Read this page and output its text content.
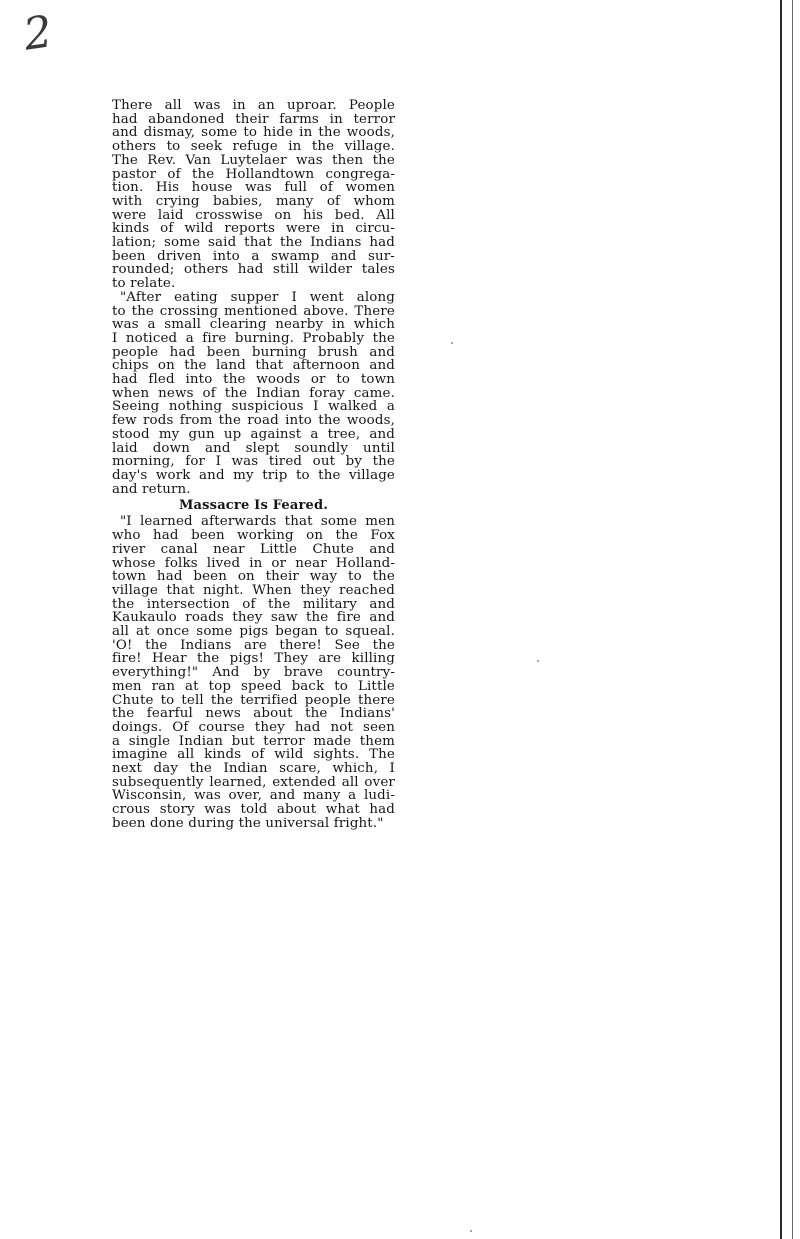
2
There all was in an uproar. People
had abandoned their farms in terror
and dismay, some to hide in the woods,
others to seek refuge in the village.
The Rev. Van Luytelaer was then the
pastor of the Hollandtown congrega-
tion. His house was full of women
with crying babies, many of whom
were laid crosswise on his bed. All
kinds of wild reports were in circu-
lation; some said that the Indians had
been driven into a swamp and sur-
rounded; others had still wilder tales
to relate.
"After eating supper I went along
to the crossing mentioned above. There
was a small clearing nearby in which
I noticed a fire burning. Probably the
people had been burning brush and
chips on the land that afternoon and
had fled into the woods or to town
when news of the Indian foray came.
Seeing nothing suspicious I walked a
few rods from the road into the woods,
stood my gun up against a tree, and
laid down and slept soundly until
morning, for I was tired out by the
day's work and my trip to the village
and return.
Massacre Is Feared.
"I learned afterwards that some men
who had been working on the Fox
river canal near Little Chute and
whose folks lived in or near Holland-
town had been on their way to the
village that night. When they reached
the intersection of the military and
Kaukaulo roads they saw the fire and
all at once some pigs began to squeal.
'O! the Indians are there! See the
fire! Hear the pigs! They are killing
everything!" And by brave country-
men ran at top speed back to Little
Chute to tell the terrified people there
the fearful news about the Indians'
doings. Of course they had not seen
a single Indian but terror made them
imagine all kinds of wild sights. The
next day the Indian scare, which, I
subsequently learned, extended all over
Wisconsin, was over, and many a ludi-
crous story was told about what had
been done during the universal fright."
